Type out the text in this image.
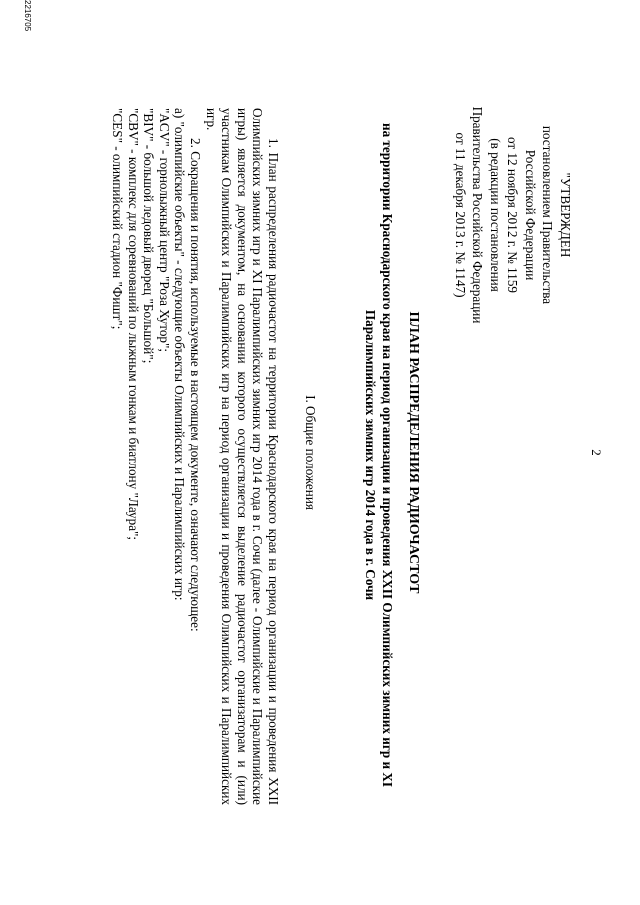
2
"УТВЕРЖДЕН
постановлением Правительства
Российской Федерации
от 12 ноября 2012 г. № 1159
(в редакции постановления
Правительства Российской Федерации
от 11 декабря 2013 г. № 1147)
ПЛАН РАСПРЕДЕЛЕНИЯ РАДИОЧАСТОТ
на территории Краснодарского края на период организации и проведения XXII Олимпийских зимних игр и XI Паралимпийских зимних игр 2014 года в г. Сочи
I. Общие положения

1. План распределения радиочастот на территории Краснодарского края на период организации и проведения XXII Олимпийских зимних игр и XI Паралимпийских зимних игр 2014 года в г. Сочи (далее - Олимпийские и Паралимпийские игры) является документом, на основании которого осуществляется выделение радиочастот организаторам и (или) участникам Олимпийских и Паралимпийских игр на период организации и проведения Олимпийских и Паралимпийских игр.

2. Сокращения и понятия, используемые в настоящем документе, означают следующее:

а) "олимпийские объекты" - следующие объекты Олимпийских и Паралимпийских игр:
"ACV" - горнолыжный центр "Роза Хутор";
"BIV" - большой ледовый дворец "Большой";
"CBV" - комплекс для соревнований по лыжным гонкам и биатлону "Лаура";
"CES" - олимпийский стадион "Фишт";
2216705
